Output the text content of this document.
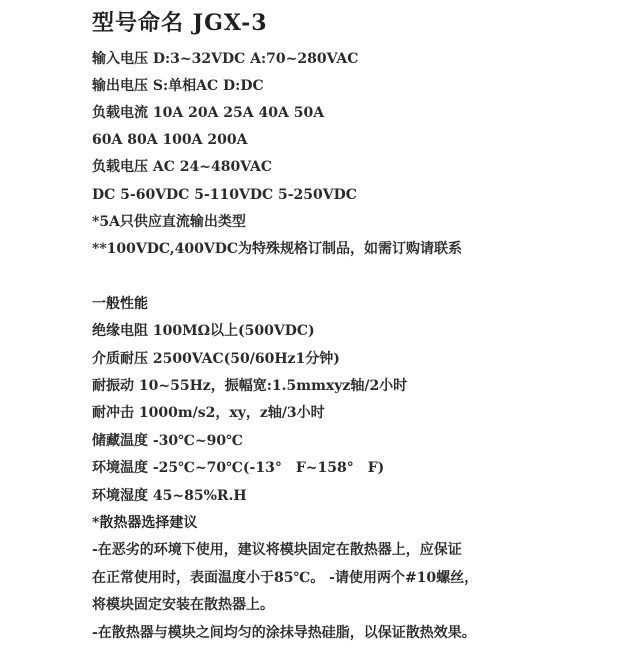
型号命名 JGX-3

输入电压 D:3~32VDC A:70~280VAC

输出电压 S:单相AC D:DC

负载电流 10A 20A 25A 40A 50A

60A 80A 100A 200A

负载电压 AC 24~480VAC

DC 5-60VDC 5-110VDC 5-250VDC

*5A只供应直流输出类型

**100VDC,400VDC为特殊规格订制品，如需订购请联系

一般性能

绝缘电阻 100MΩ以上(500VDC)

介质耐压 2500VAC(50/60Hz1分钟)

耐振动 10~55Hz，振幅宽:1.5mmxyz轴/2小时

耐冲击 1000m/s2，xy，z轴/3小时

储藏温度 -30℃~90℃

环境温度 -25℃~70℃(-13°　F~158°　F)

环境湿度 45~85%R.H

*散热器选择建议

-在恶劣的环境下使用，建议将模块固定在散热器上，应保证

在正常使用时，表面温度小于85℃。 -请使用两个#10螺丝，

将模块固定安装在散热器上。

-在散热器与模块之间均匀的涂抹导热硅脂，以保证散热效果。
